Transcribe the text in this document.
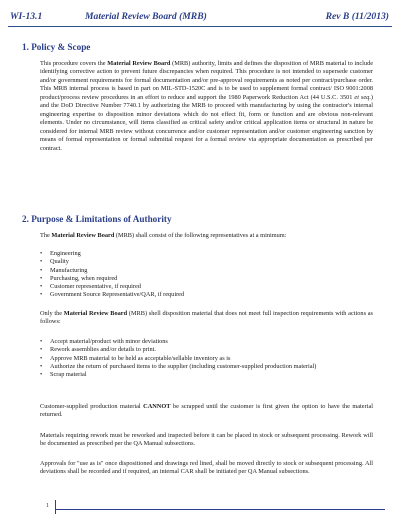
WI-13.1	Material Review Board (MRB)	Rev B (11/2013)
1. Policy & Scope
This procedure covers the Material Review Board (MRB) authority, limits and defines the disposition of MRB material to include identifying corrective action to prevent future discrepancies when required. This procedure is not intended to supersede customer and/or government requirements for formal documentation and/or pre-approval requirements as noted per contract/purchase order. This MRB internal process is based in part on MIL-STD-1520C and is to be used to supplement formal contract/ ISO 9001:2008 product/process review procedures in an effort to reduce and support the 1980 Paperwork Reduction Act (44 U.S.C. 3501 et seq.) and the DoD Directive Number 7740.1 by authorizing the MRB to proceed with manufacturing by using the contractor's internal engineering expertise to disposition minor deviations which do not effect fit, form or function and are obvious non-relevant elements. Under no circumstance, will items classified as critical safety and/or critical application items or structural in nature be considered for internal MRB review without concurrence and/or customer representation and/or customer engineering sanction by means of formal representation or formal submittal request for a formal review via appropriate documentation as prescribed per contract.
2. Purpose & Limitations of Authority
The Material Review Board (MRB) shall consist of the following representatives at a minimum:
• Engineering
• Quality
• Manufacturing
• Purchasing, when required
• Customer representative, if required
• Government Source Representative/QAR, if required
Only the Material Review Board (MRB) shell disposition material that does not meet full inspection requirements with actions as follows:
• Accept material/product with minor deviations
• Rework assemblies and/or details to print.
• Approve MRB material to be held as acceptable/sellable inventory as is
• Authorize the return of purchased items to the supplier (including customer-supplied production material)
• Scrap material
Customer-supplied production material CANNOT be scrapped until the customer is first given the option to have the material returned.
Materials requiring rework must be reworked and inspected before it can be placed in stock or subsequent processing. Rework will be documented as prescribed per the QA Manual subsections.
Approvals for "use as is" once dispositioned and drawings red lined, shall be moved directly to stock or subsequent processing. All deviations shall be recorded and if required, an internal CAR shall be initiated per QA Manual subsections.
1
